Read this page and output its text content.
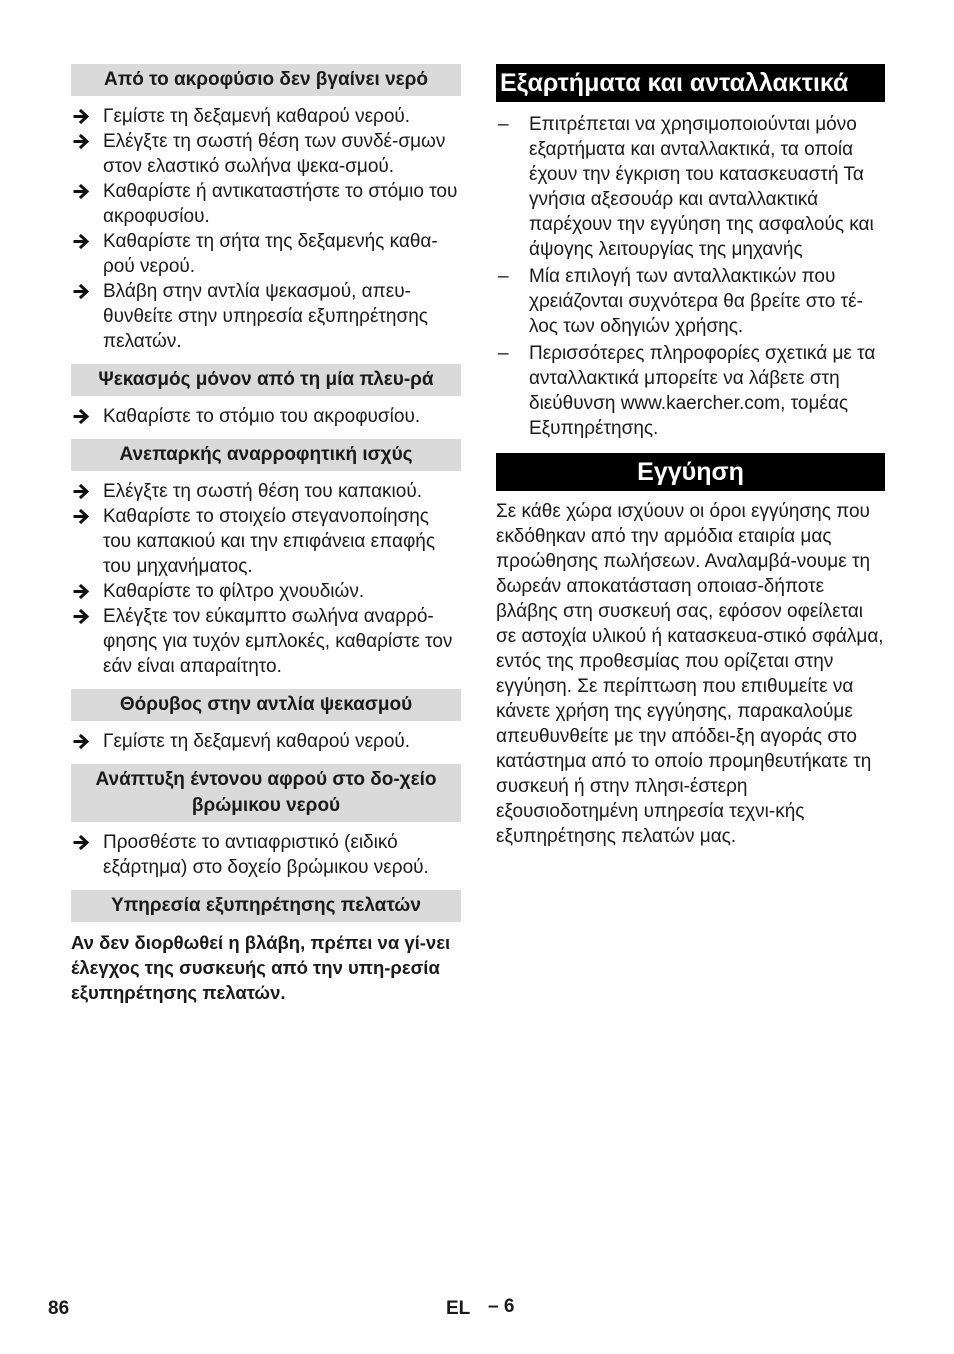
Από το ακροφύσιο δεν βγαίνει νερό
Γεμίστε τη δεξαμενή καθαρού νερού.
Ελέγξτε τη σωστή θέση των συνδέ-σμων στον ελαστικό σωλήνα ψεκα-σμού.
Καθαρίστε ή αντικαταστήστε το στόμιο του ακροφυσίου.
Καθαρίστε τη σήτα της δεξαμενής καθα-ρού νερού.
Βλάβη στην αντλία ψεκασμού, απευ-θυνθείτε στην υπηρεσία εξυπηρέτησης πελατών.
Ψεκασμός μόνον από τη μία πλευ-ρά
Καθαρίστε το στόμιο του ακροφυσίου.
Ανεπαρκής αναρροφητική ισχύς
Ελέγξτε τη σωστή θέση του καπακιού.
Καθαρίστε το στοιχείο στεγανοποίησης του καπακιού και την επιφάνεια επαφής του μηχανήματος.
Καθαρίστε το φίλτρο χνουδιών.
Ελέγξτε τον εύκαμπτο σωλήνα αναρρό-φησης για τυχόν εμπλοκές, καθαρίστε τον εάν είναι απαραίτητο.
Θόρυβος στην αντλία ψεκασμού
Γεμίστε τη δεξαμενή καθαρού νερού.
Ανάπτυξη έντονου αφρού στο δο-χείο βρώμικου νερού
Προσθέστε το αντιαφριστικό (ειδικό εξάρτημα) στο δοχείο βρώμικου νερού.
Υπηρεσία εξυπηρέτησης πελατών
Αν δεν διορθωθεί η βλάβη, πρέπει να γί-νει έλεγχος της συσκευής από την υπη-ρεσία εξυπηρέτησης πελατών.
Εξαρτήματα και ανταλλακτικά
– Επιτρέπεται να χρησιμοποιούνται μόνο εξαρτήματα και ανταλλακτικά, τα οποία έχουν την έγκριση του κατασκευαστή Τα γνήσια αξεσουάρ και ανταλλακτικά παρέχουν την εγγύηση της ασφαλούς και άψογης λειτουργίας της μηχανής
– Μία επιλογή των ανταλλακτικών που χρειάζονται συχνότερα θα βρείτε στο τέ-λος των οδηγιών χρήσης.
– Περισσότερες πληροφορίες σχετικά με τα ανταλλακτικά μπορείτε να λάβετε στη διεύθυνση www.kaercher.com, τομέας Εξυπηρέτησης.
Εγγύηση
Σε κάθε χώρα ισχύουν οι όροι εγγύησης που εκδόθηκαν από την αρμόδια εταιρία μας προώθησης πωλήσεων. Αναλαμβά-νουμε τη δωρεάν αποκατάσταση οποιασ-δήποτε βλάβης στη συσκευή σας, εφόσον οφείλεται σε αστοχία υλικού ή κατασκευα-στικό σφάλμα, εντός της προθεσμίας που ορίζεται στην εγγύηση. Σε περίπτωση που επιθυμείτε να κάνετε χρήση της εγγύησης, παρακαλούμε απευθυνθείτε με την απόδει-ξη αγοράς στο κατάστημα από το οποίο προμηθευτήκατε τη συσκευή ή στην πλησι-έστερη εξουσιοδοτημένη υπηρεσία τεχνι-κής εξυπηρέτησης πελατών μας.
86	EL – 6
